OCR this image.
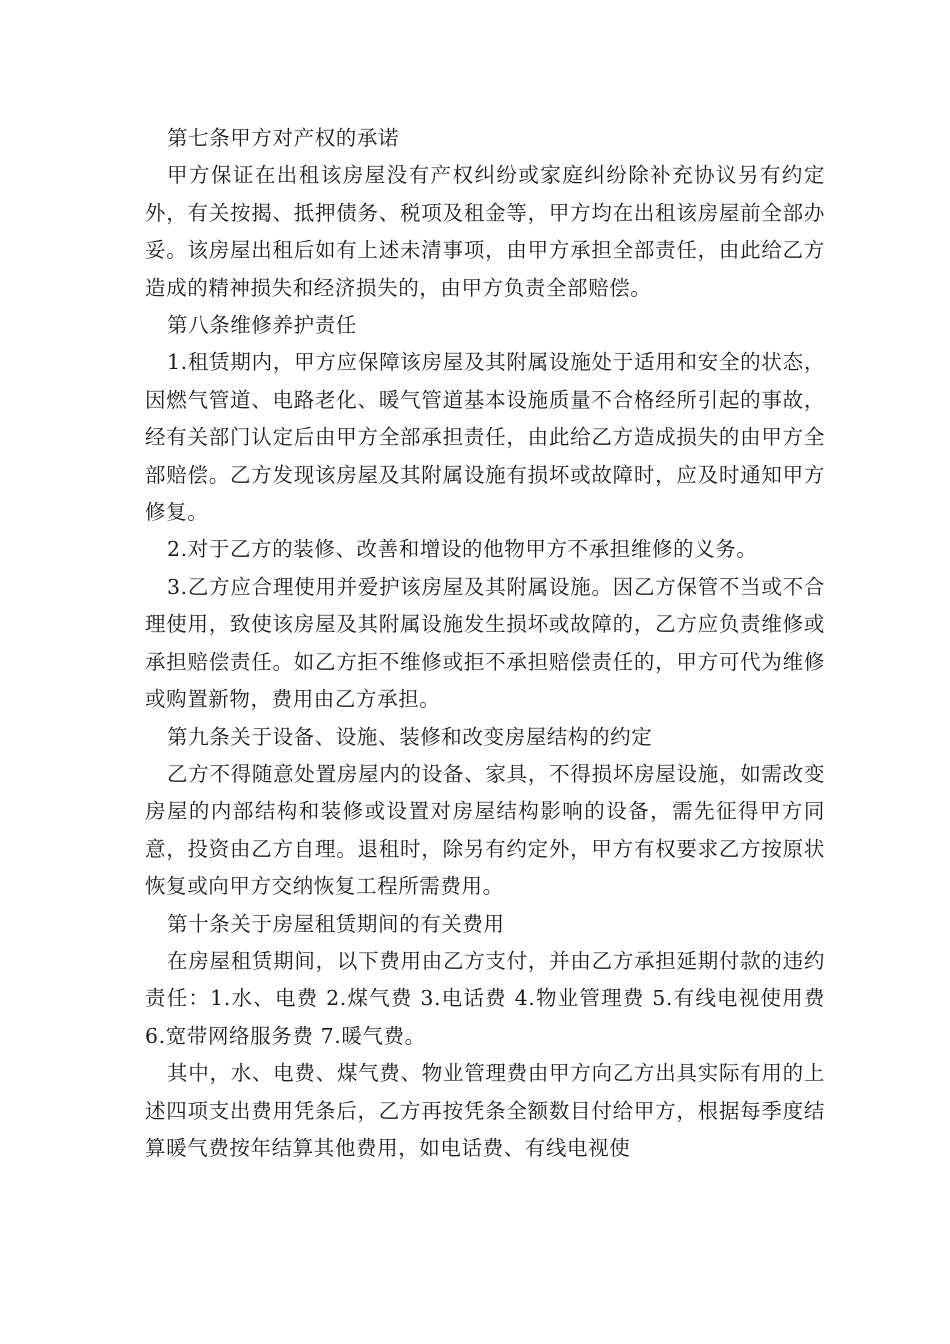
第七条甲方对产权的承诺

甲方保证在出租该房屋没有产权纠纷或家庭纠纷除补充协议另有约定外，有关按揭、抵押债务、税项及租金等，甲方均在出租该房屋前全部办妥。该房屋出租后如有上述未清事项，由甲方承担全部责任，由此给乙方造成的精神损失和经济损失的，由甲方负责全部赔偿。

第八条维修养护责任

1.租赁期内，甲方应保障该房屋及其附属设施处于适用和安全的状态，因燃气管道、电路老化、暖气管道基本设施质量不合格经所引起的事故，经有关部门认定后由甲方全部承担责任，由此给乙方造成损失的由甲方全部赔偿。乙方发现该房屋及其附属设施有损坏或故障时，应及时通知甲方修复。

2.对于乙方的装修、改善和增设的他物甲方不承担维修的义务。

3.乙方应合理使用并爱护该房屋及其附属设施。因乙方保管不当或不合理使用，致使该房屋及其附属设施发生损坏或故障的，乙方应负责维修或承担赔偿责任。如乙方拒不维修或拒不承担赔偿责任的，甲方可代为维修或购置新物，费用由乙方承担。

第九条关于设备、设施、装修和改变房屋结构的约定

乙方不得随意处置房屋内的设备、家具，不得损坏房屋设施，如需改变房屋的内部结构和装修或设置对房屋结构影响的设备，需先征得甲方同意，投资由乙方自理。退租时，除另有约定外，甲方有权要求乙方按原状恢复或向甲方交纳恢复工程所需费用。

第十条关于房屋租赁期间的有关费用

在房屋租赁期间，以下费用由乙方支付，并由乙方承担延期付款的违约责任：1.水、电费 2.煤气费 3.电话费 4.物业管理费 5.有线电视使用费 6.宽带网络服务费 7.暖气费。

其中，水、电费、煤气费、物业管理费由甲方向乙方出具实际有用的上述四项支出费用凭条后，乙方再按凭条全额数目付给甲方，根据每季度结算暖气费按年结算其他费用，如电话费、有线电视使
